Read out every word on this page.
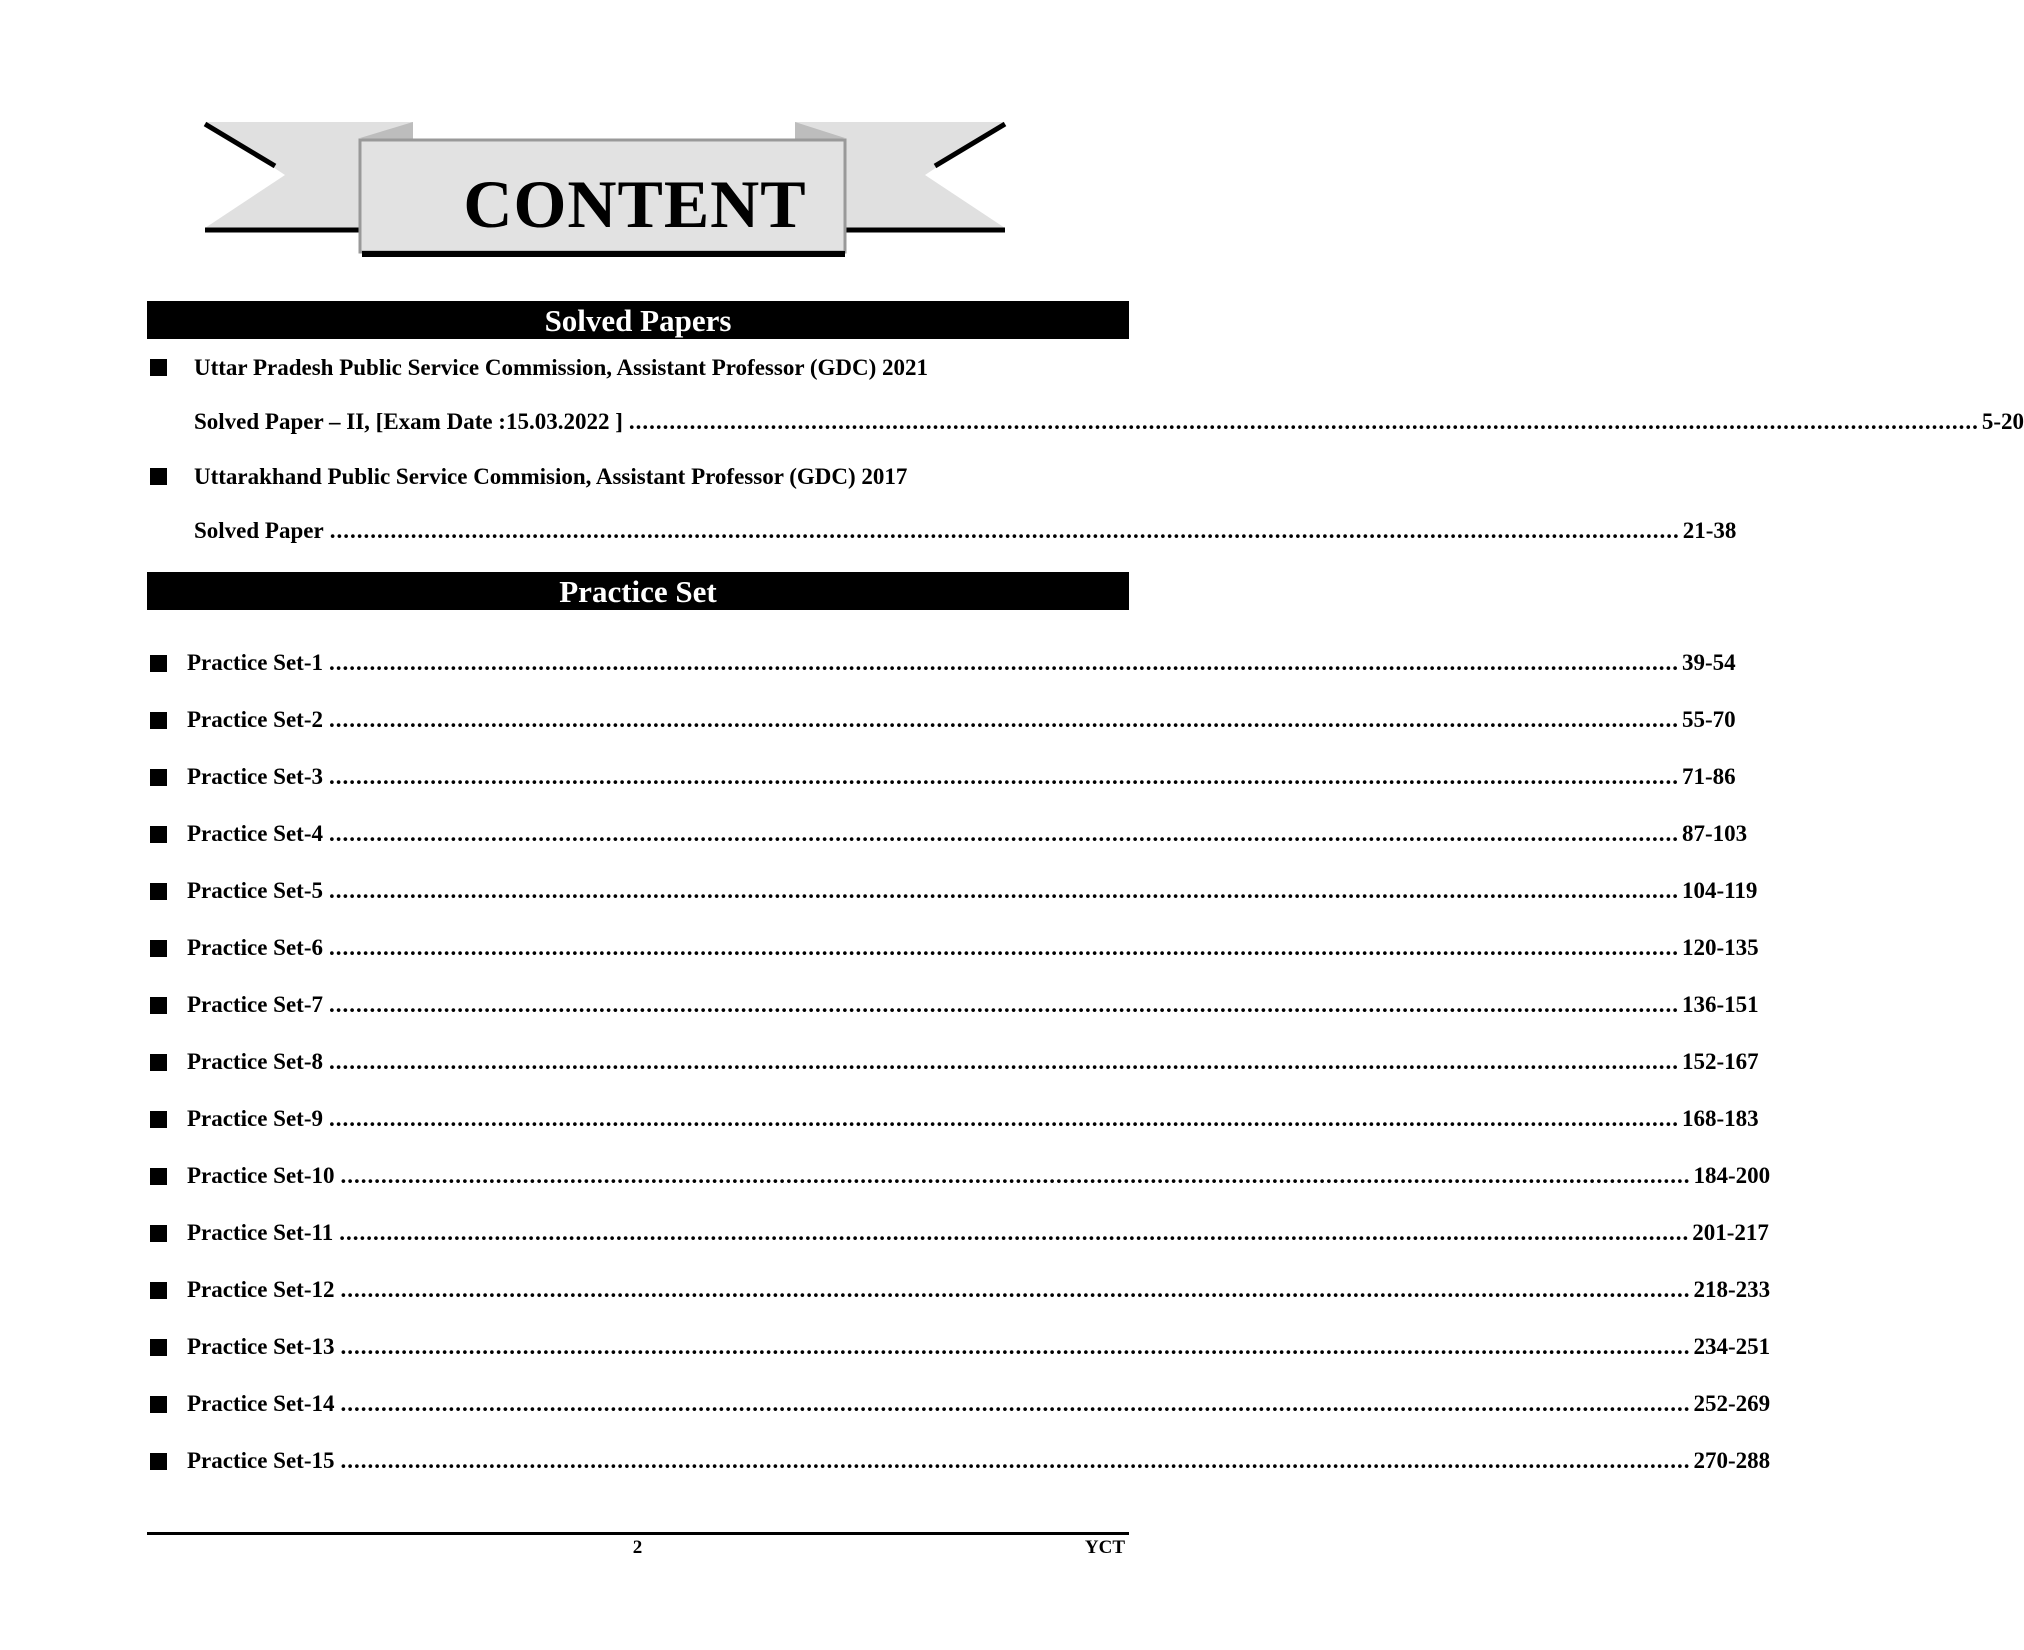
CONTENT
Solved Papers
Uttar Pradesh Public Service Commission, Assistant Professor (GDC) 2021
Solved Paper – II, [Exam Date :15.03.2022 ] ........................................................................................................................................................................................................ 5-20
Uttarakhand Public Service Commision, Assistant Professor (GDC) 2017
Solved Paper ........................................................................................................................................................................................................ 21-38
Practice Set
Practice Set-1 ........................................................................................................................................................................................................ 39-54
Practice Set-2 ........................................................................................................................................................................................................ 55-70
Practice Set-3 ........................................................................................................................................................................................................ 71-86
Practice Set-4 ........................................................................................................................................................................................................ 87-103
Practice Set-5 ........................................................................................................................................................................................................ 104-119
Practice Set-6 ........................................................................................................................................................................................................ 120-135
Practice Set-7 ........................................................................................................................................................................................................ 136-151
Practice Set-8 ........................................................................................................................................................................................................ 152-167
Practice Set-9 ........................................................................................................................................................................................................ 168-183
Practice Set-10 ........................................................................................................................................................................................................ 184-200
Practice Set-11 ........................................................................................................................................................................................................ 201-217
Practice Set-12 ........................................................................................................................................................................................................ 218-233
Practice Set-13 ........................................................................................................................................................................................................ 234-251
Practice Set-14 ........................................................................................................................................................................................................ 252-269
Practice Set-15 ........................................................................................................................................................................................................ 270-288
2	YCT
